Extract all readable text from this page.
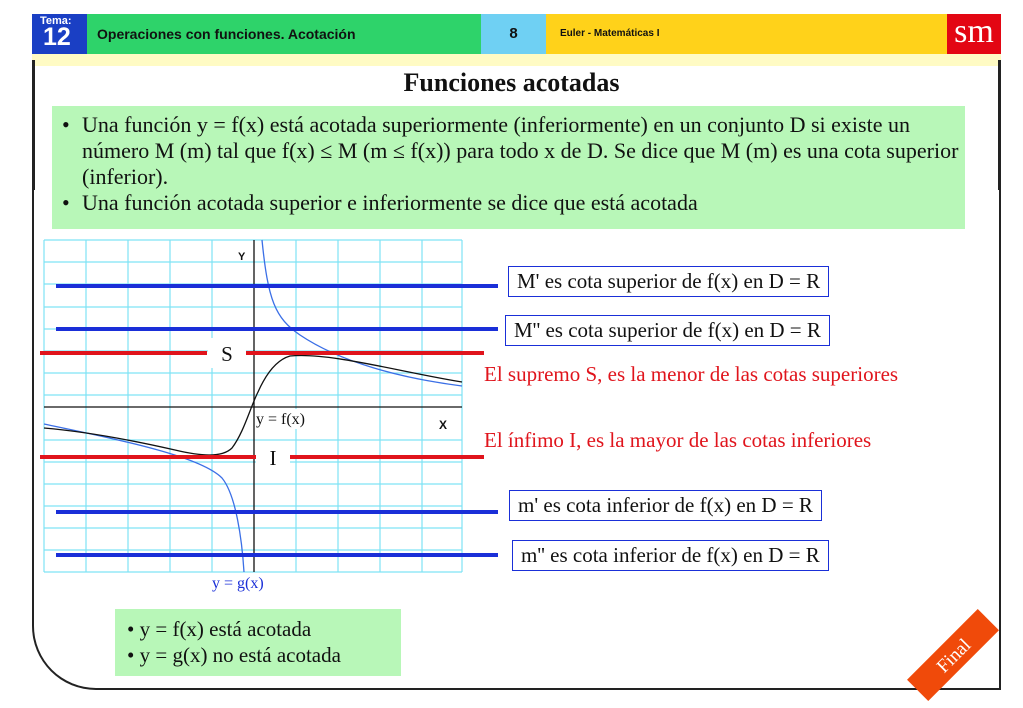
Tema:
12	Operaciones con funciones. Acotación	8	Euler - Matemáticas I	sm
Funciones acotadas
• Una función y = f(x) está acotada superiormente (inferiormente) en un conjunto D si existe un número M (m) tal que f(x) ≤ M (m ≤ f(x)) para todo x de D. Se dice que M (m) es una cota superior (inferior).
• Una función acotada superior e inferiormente se dice que está acotada
S
I
Y
X
y = f(x)
y = g(x)
Final
M' es cota superior de f(x) en D = R
M'' es cota superior de f(x) en D = R
El supremo S, es la menor de las cotas superiores
El ínfimo I, es la mayor de las cotas inferiores
m' es cota inferior de f(x) en D = R
m'' es cota inferior de f(x) en D = R
• y = f(x) está acotada
• y = g(x) no está acotada
